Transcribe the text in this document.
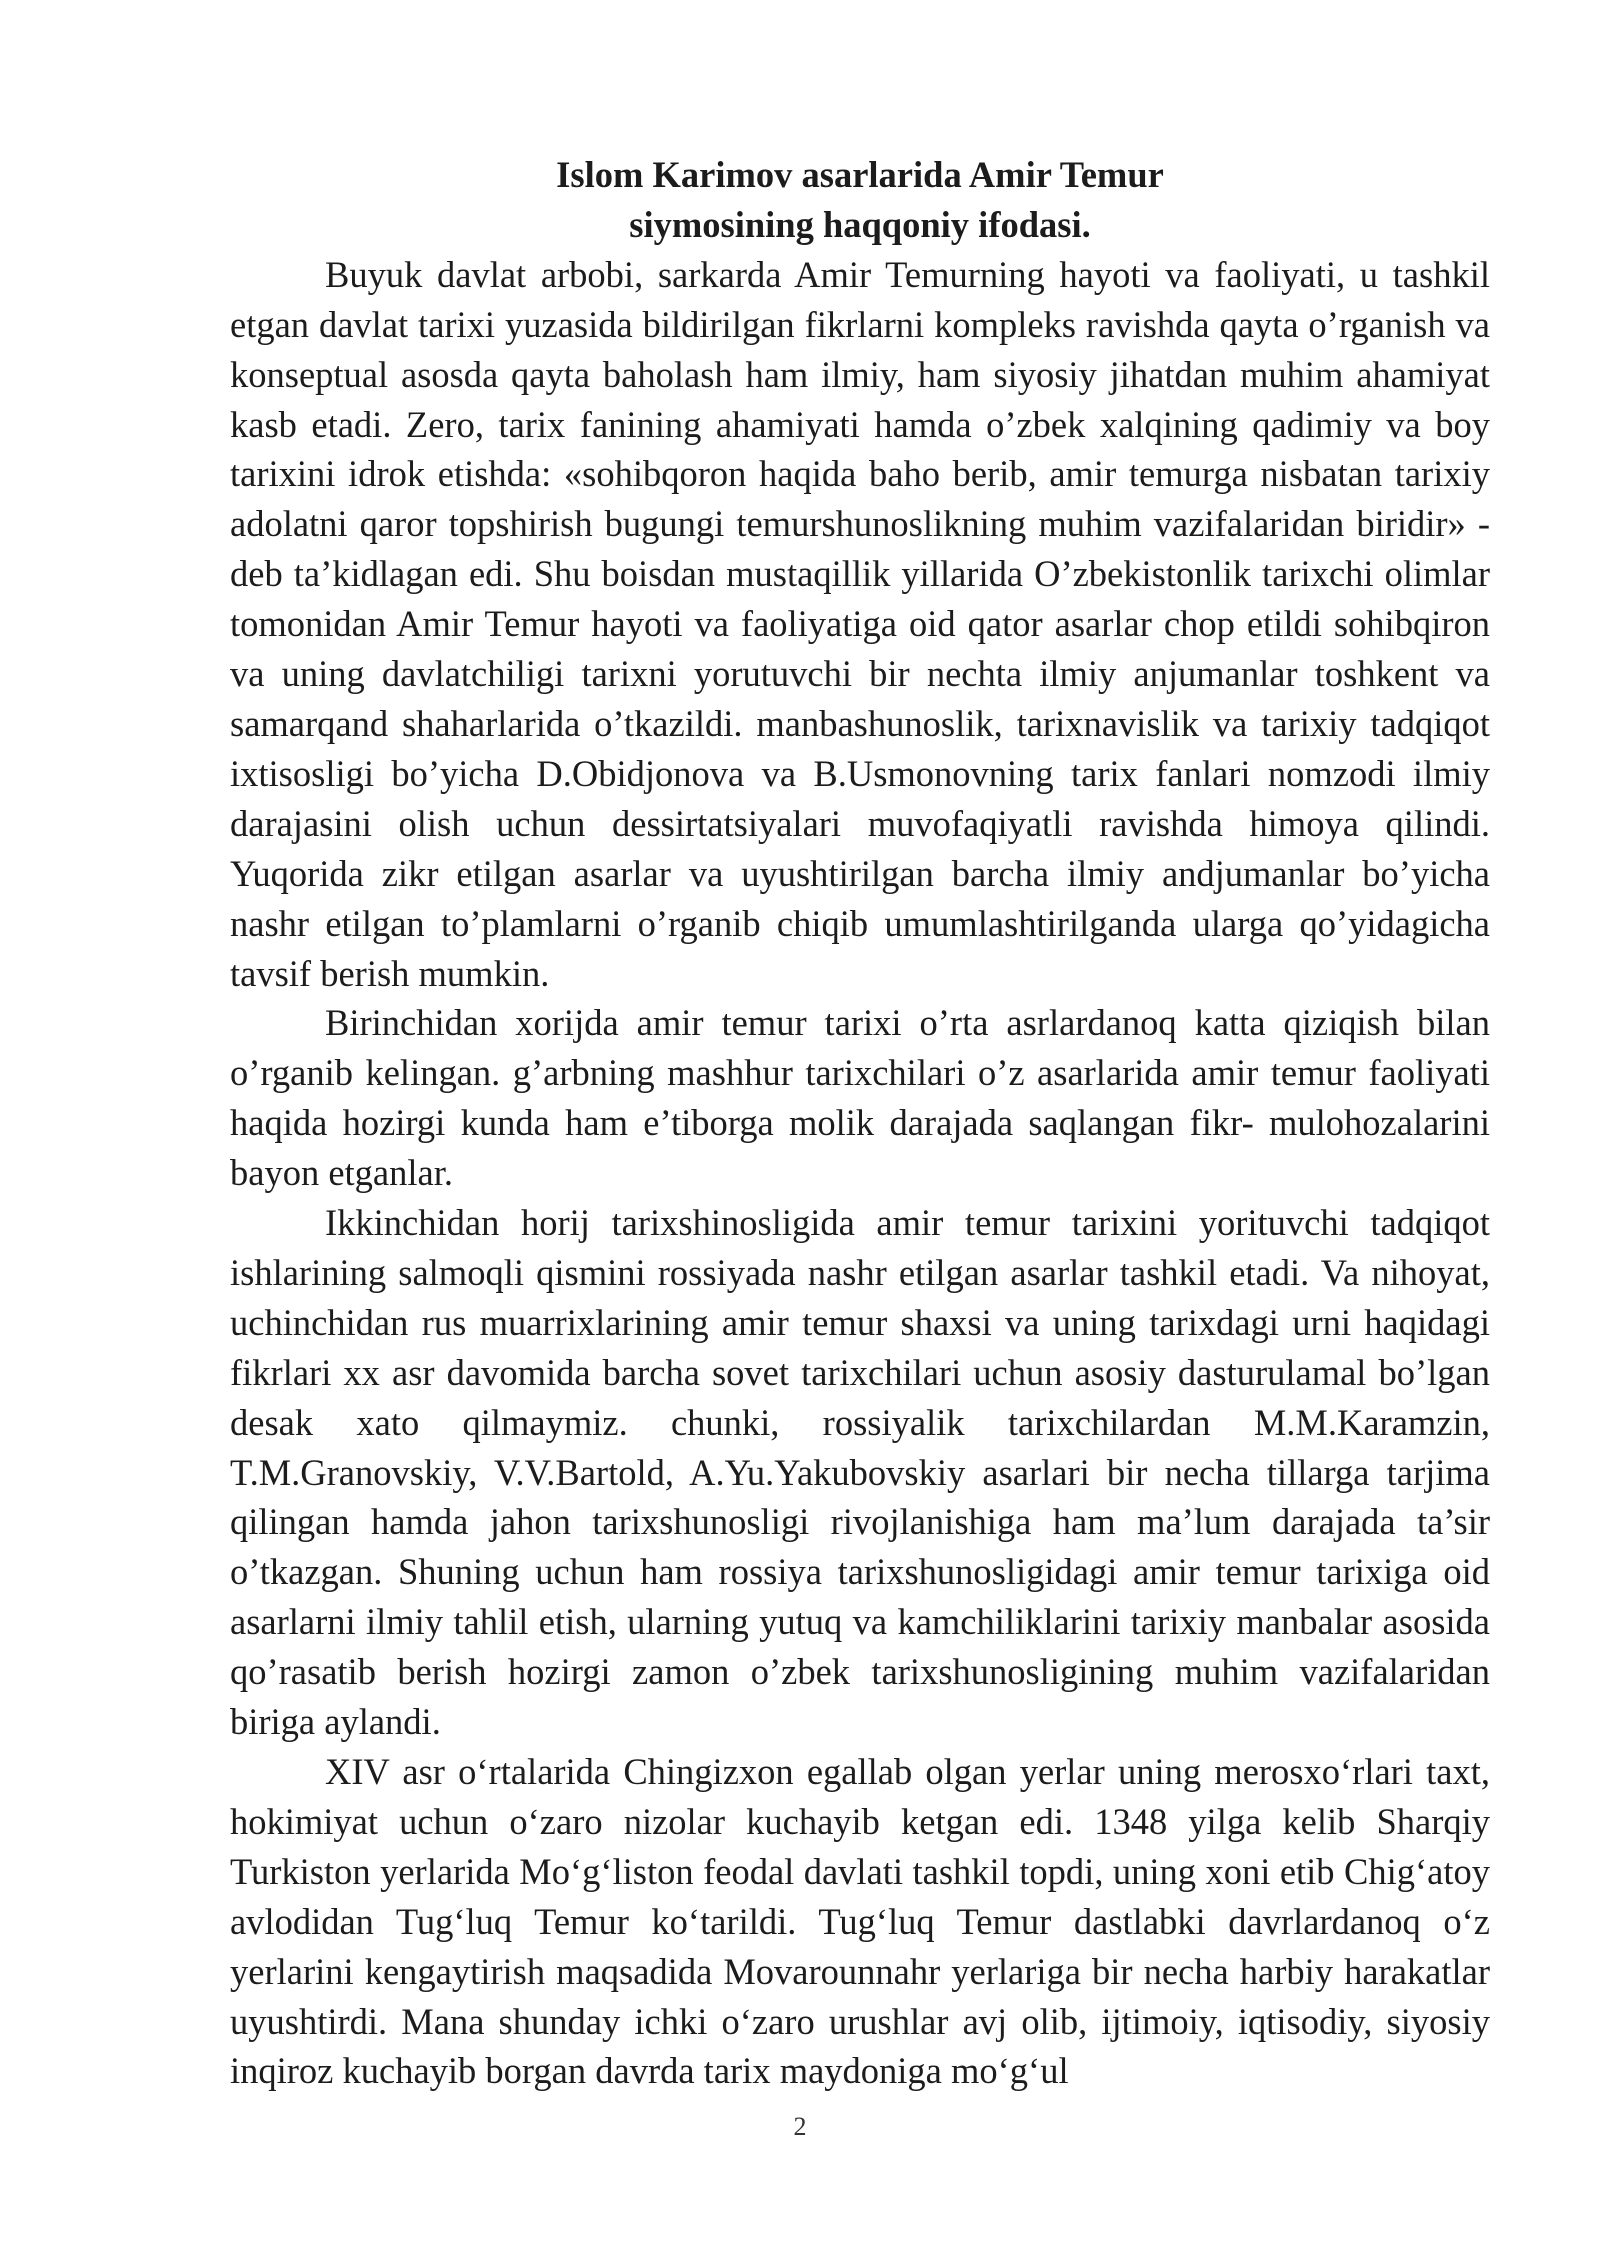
Islom Karimov asarlarida Amir Temur
siymosining haqqoniy ifodasi.

Buyuk davlat arbobi, sarkarda Amir Temurning hayoti va faoliyati, u tashkil etgan davlat tarixi yuzasida bildirilgan fikrlarni kompleks ravishda qayta o’rganish va konseptual asosda qayta baholash ham ilmiy, ham siyosiy jihatdan muhim ahamiyat kasb etadi. Zero, tarix fanining ahamiyati hamda o’zbek xalqining qadimiy va boy tarixini idrok etishda: «sohibqoron haqida baho berib, amir temurga nisbatan tarixiy adolatni qaror topshirish bugungi temurshunoslikning muhim vazifalaridan biridir» - deb ta’kidlagan edi. Shu boisdan mustaqillik yillarida O’zbekistonlik tarixchi olimlar tomonidan Amir Temur hayoti va faoliyatiga oid qator asarlar chop etildi sohibqiron va uning davlatchiligi tarixni yorutuvchi bir nechta ilmiy anjumanlar toshkent va samarqand shaharlarida o’tkazildi. manbashunoslik, tarixnavislik va tarixiy tadqiqot ixtisosligi bo’yicha D.Obidjonova va B.Usmonovning tarix fanlari nomzodi ilmiy darajasini olish uchun dessirtatsiyalari muvofaqiyatli ravishda himoya qilindi. Yuqorida zikr etilgan asarlar va uyushtirilgan barcha ilmiy andjumanlar bo’yicha nashr etilgan to’plamlarni o’rganib chiqib umumlashtirilganda ularga qo’yidagicha tavsif berish mumkin.

Birinchidan xorijda amir temur tarixi o’rta asrlardanoq katta qiziqish bilan o’rganib kelingan. g’arbning mashhur tarixchilari o’z asarlarida amir temur faoliyati haqida hozirgi kunda ham e’tiborga molik darajada saqlangan fikr- mulohozalarini bayon etganlar.

Ikkinchidan horij tarixshinosligida amir temur tarixini yorituvchi tadqiqot ishlarining salmoqli qismini rossiyada nashr etilgan asarlar tashkil etadi. Va nihoyat, uchinchidan rus muarrixlarining amir temur shaxsi va uning tarixdagi urni haqidagi fikrlari xx asr davomida barcha sovet tarixchilari uchun asosiy dasturulamal bo’lgan desak xato qilmaymiz. chunki, rossiyalik tarixchilardan M.M.Karamzin, T.M.Granovskiy, V.V.Bartold, A.Yu.Yakubovskiy asarlari bir necha tillarga tarjima qilingan hamda jahon tarixshunosligi rivojlanishiga ham ma’lum darajada ta’sir o’tkazgan. Shuning uchun ham rossiya tarixshunosligidagi amir temur tarixiga oid asarlarni ilmiy tahlil etish, ularning yutuq va kamchiliklarini tarixiy manbalar asosida qo’rasatib berish hozirgi zamon o’zbek tarixshunosligining muhim vazifalaridan biriga aylandi.

XIV asr o‘rtalarida Chingizxon egallab olgan yerlar uning merosxo‘rlari taxt, hokimiyat uchun o‘zaro nizolar kuchayib ketgan edi. 1348 yilga kelib Sharqiy Turkiston yerlarida Mo‘g‘liston feodal davlati tashkil topdi, uning xoni etib Chig‘atoy avlodidan Tug‘luq Temur ko‘tarildi. Tug‘luq Temur dastlabki davrlardanoq o‘z yerlarini kengaytirish maqsadida Movarounnahr yerlariga bir necha harbiy harakatlar uyushtirdi. Mana shunday ichki o‘zaro urushlar avj olib, ijtimoiy, iqtisodiy, siyosiy inqiroz kuchayib borgan davrda tarix maydoniga mo‘g‘ul

2
